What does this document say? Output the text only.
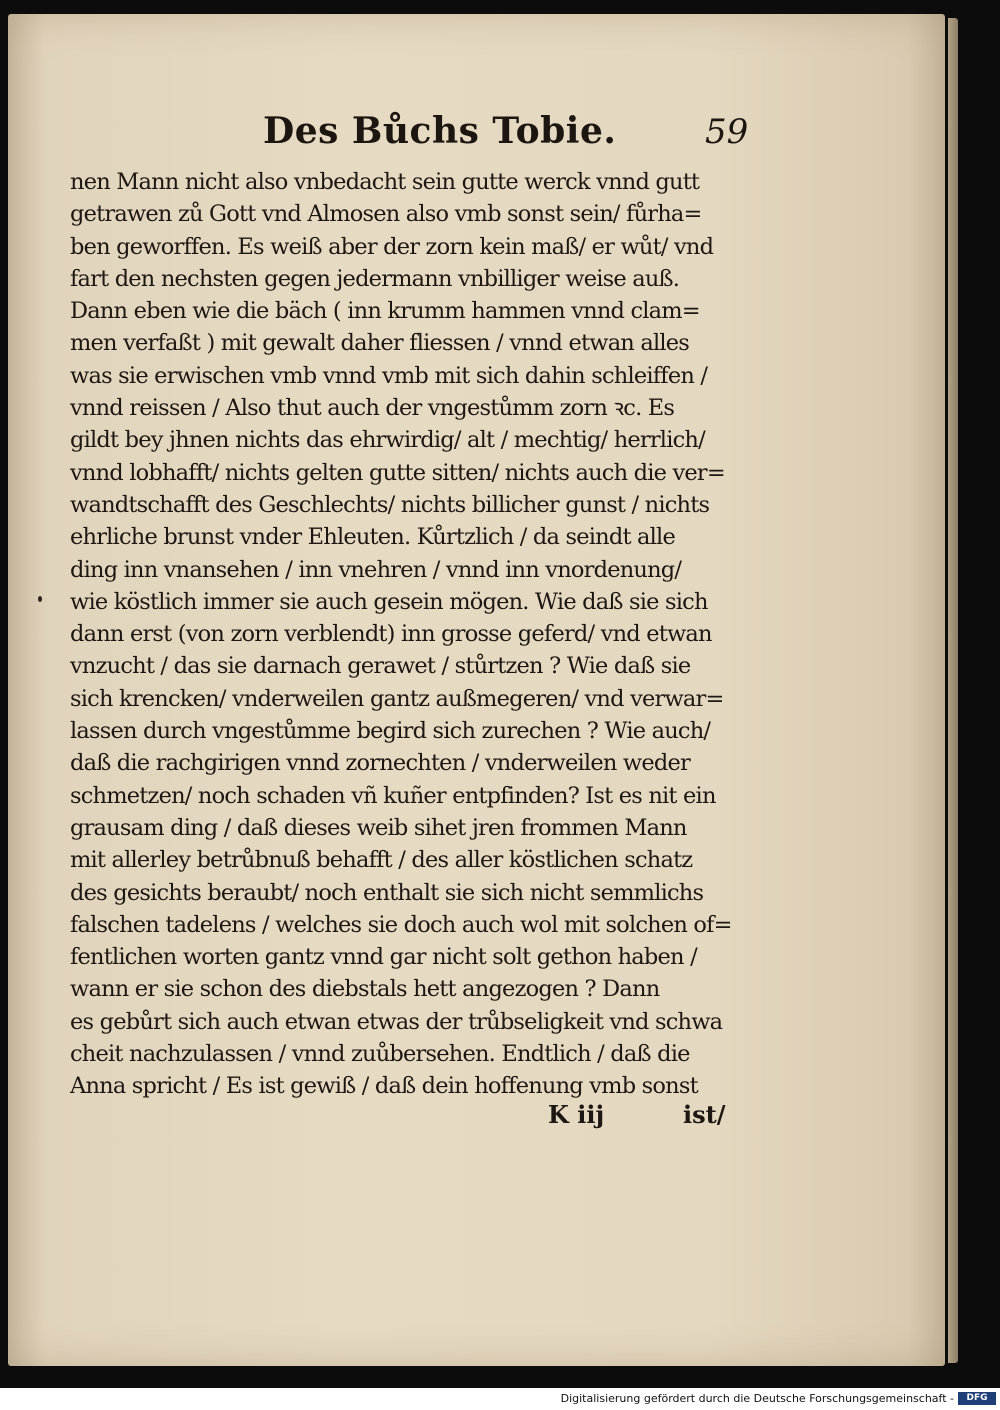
Des Bůchs Tobie.	59
nen Mann nicht also vnbedacht sein gutte werck vnnd gutt
getrawen zů Gott vnd Almosen also vmb sonst sein/ fůrha=
ben geworffen. Es weiß aber der zorn kein maß/ er wůt/ vnd
fart den nechsten gegen jedermann vnbilliger weise auß.
Dann eben wie die bäch ( inn krumm hammen vnnd clam=
men verfaßt ) mit gewalt daher fliessen / vnnd etwan alles
was sie erwischen vmb vnnd vmb mit sich dahin schleiffen /
vnnd reissen / Also thut auch der vngestůmm zorn ꝛc. Es
gildt bey jhnen nichts das ehrwirdig/ alt / mechtig/ herrlich/
vnnd lobhafft/ nichts gelten gutte sitten/ nichts auch die ver=
wandtschafft des Geschlechts/ nichts billicher gunst / nichts
ehrliche brunst vnder Ehleuten. Kůrtzlich / da seindt alle
ding inn vnansehen / inn vnehren / vnnd inn vnordenung/
wie köstlich immer sie auch gesein mögen. Wie daß sie sich
dann erst (von zorn verblendt) inn grosse geferd/ vnd etwan
vnzucht / das sie darnach gerawet / stůrtzen ? Wie daß sie
sich krencken/ vnderweilen gantz außmegeren/ vnd verwar=
lassen durch vngestůmme begird sich zurechen ? Wie auch/
daß die rachgirigen vnnd zornechten / vnderweilen weder
schmetzen/ noch schaden vñ kuñer entpfinden? Ist es nit ein
grausam ding / daß dieses weib sihet jren frommen Mann
mit allerley betrůbnuß behafft / des aller köstlichen schatz
des gesichts beraubt/ noch enthalt sie sich nicht semmlichs
falschen tadelens / welches sie doch auch wol mit solchen of=
fentlichen worten gantz vnnd gar nicht solt gethon haben /
wann er sie schon des diebstals hett angezogen ? Dann
es gebůrt sich auch etwan etwas der trůbseligkeit vnd schwa
cheit nachzulassen / vnnd zuůbersehen. Endtlich / daß die
Anna spricht / Es ist gewiß / daß dein hoffenung vmb sonst
K iij	ist/
Digitalisierung gefördert durch die Deutsche Forschungsgemeinschaft -	DFG
